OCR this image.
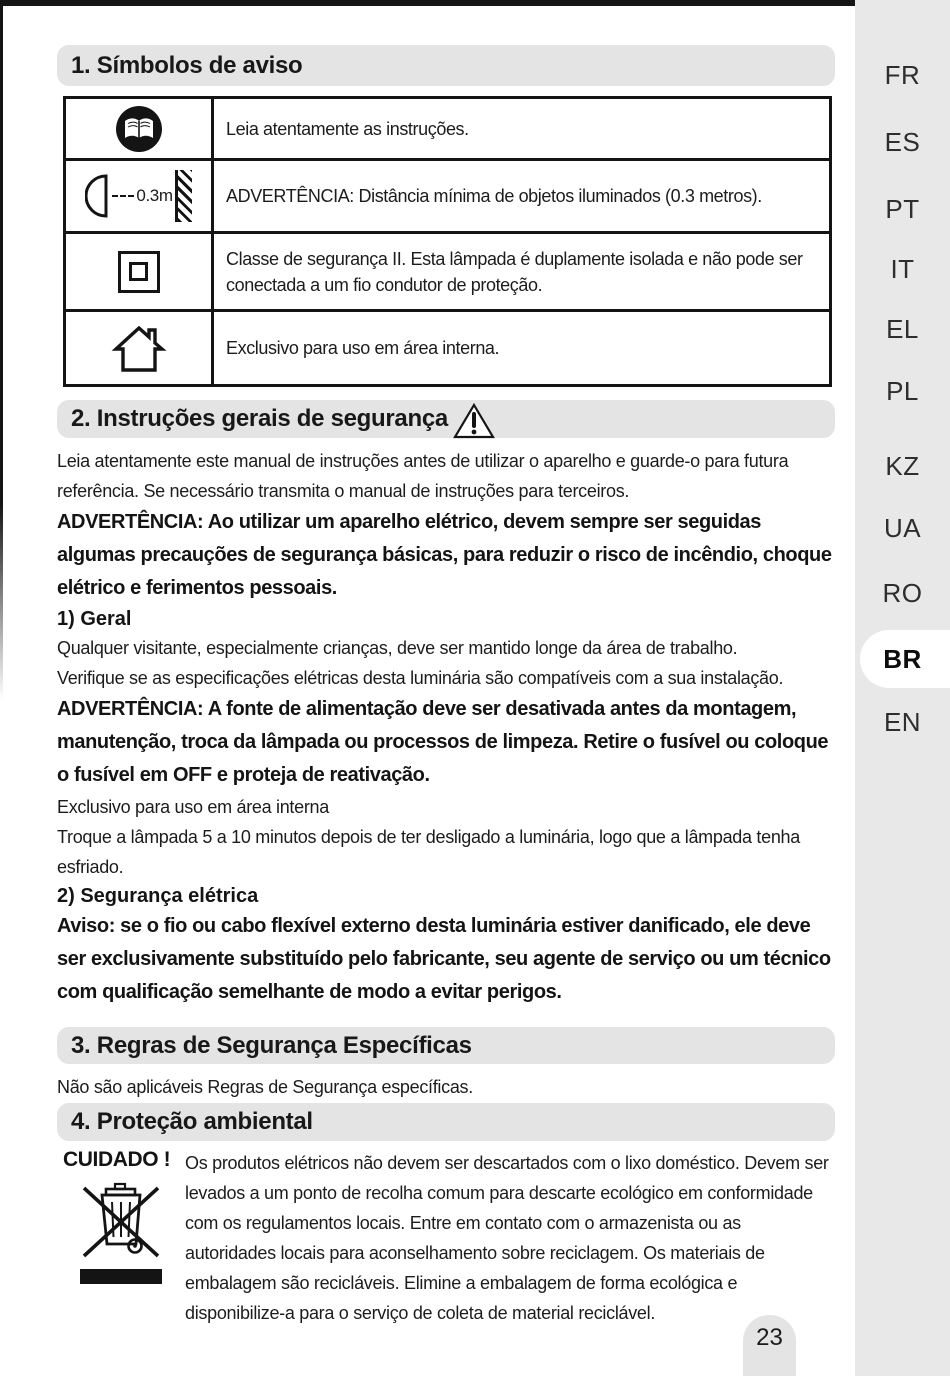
FR
ES
PT
IT
EL
PL
KZ
UA
RO
BR
EN
1. Símbolos de aviso
Leia atentamente as instruções.
0.3m	ADVERTÊNCIA: Distância mínima de objetos iluminados (0.3 metros).
Classe de segurança II. Esta lâmpada é duplamente isolada e não pode ser conectada a um fio condutor de proteção.
Exclusivo para uso em área interna.
2. Instruções gerais de segurança

Leia atentamente este manual de instruções antes de utilizar o aparelho e guarde-o para futura referência. Se necessário transmita o manual de instruções para terceiros.

ADVERTÊNCIA: Ao utilizar um aparelho elétrico, devem sempre ser seguidas algumas precauções de segurança básicas, para reduzir o risco de incêndio, choque elétrico e ferimentos pessoais.

1) Geral

Qualquer visitante, especialmente crianças, deve ser mantido longe da área de trabalho.

Verifique se as especificações elétricas desta luminária são compatíveis com a sua instalação.

ADVERTÊNCIA: A fonte de alimentação deve ser desativada antes da montagem, manutenção, troca da lâmpada ou processos de limpeza. Retire o fusível ou coloque o fusível em OFF e proteja de reativação.

Exclusivo para uso em área interna

Troque a lâmpada 5 a 10 minutos depois de ter desligado a luminária, logo que a lâmpada tenha esfriado.

2) Segurança elétrica

Aviso: se o fio ou cabo flexível externo desta luminária estiver danificado, ele deve ser exclusivamente substituído pelo fabricante, seu agente de serviço ou um técnico com qualificação semelhante de modo a evitar perigos.

3. Regras de Segurança Específicas

Não são aplicáveis Regras de Segurança específicas.

4. Proteção ambiental
CUIDADO ! Os produtos elétricos não devem ser descartados com o lixo doméstico. Devem ser levados a um ponto de recolha comum para descarte ecológico em conformidade com os regulamentos locais. Entre em contato com o armazenista ou as autoridades locais para aconselhamento sobre reciclagem. Os materiais de embalagem são recicláveis. Elimine a embalagem de forma ecológica e disponibilize-a para o serviço de coleta de material reciclável.

23
